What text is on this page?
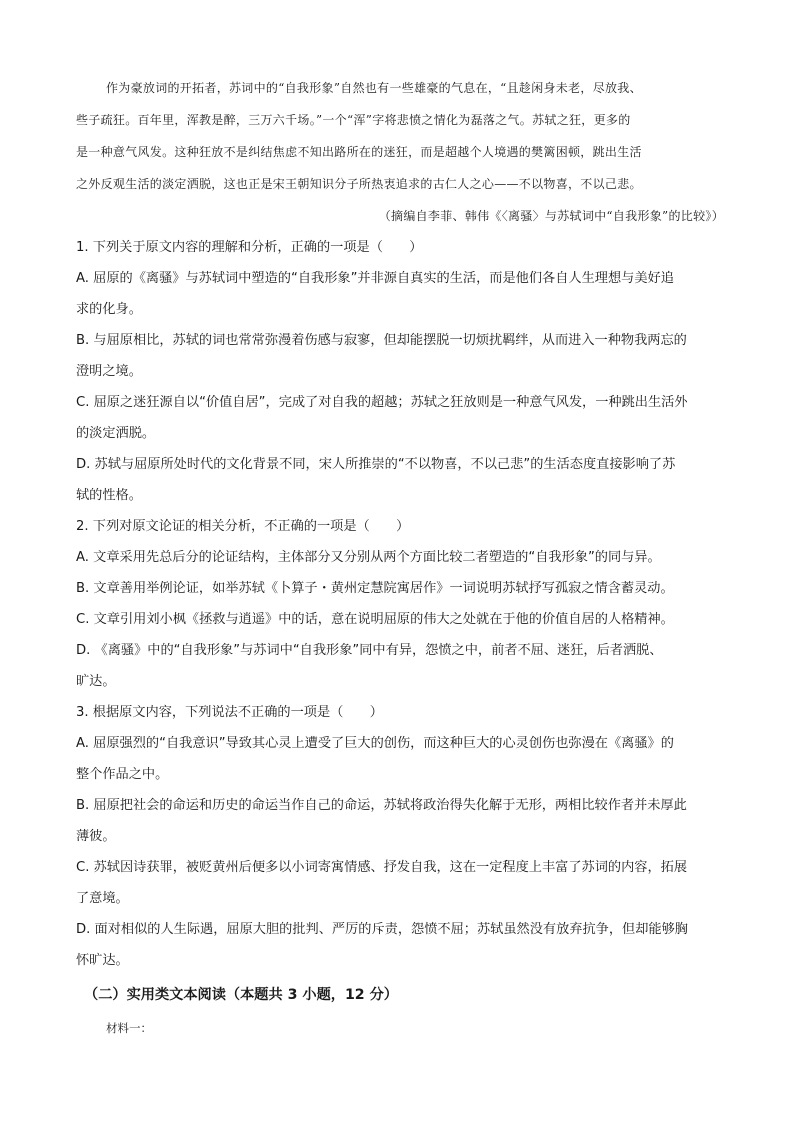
作为豪放词的开拓者，苏词中的“自我形象”自然也有一些雄豪的气息在，“且趁闲身未老，尽放我、

些子疏狂。百年里，浑教是醉，三万六千场。”一个“浑”字将悲愤之情化为磊落之气。苏轼之狂，更多的

是一种意气风发。这种狂放不是纠结焦虑不知出路所在的迷狂，而是超越个人境遇的樊篱困顿，跳出生活

之外反观生活的淡定洒脱，这也正是宋王朝知识分子所热衷追求的古仁人之心——不以物喜，不以己悲。

（摘编自李菲、韩伟《〈离骚〉与苏轼词中“自我形象”的比较》）

1. 下列关于原文内容的理解和分析，正确的一项是（　　）

A. 屈原的《离骚》与苏轼词中塑造的“自我形象”并非源自真实的生活，而是他们各自人生理想与美好追

求的化身。

B. 与屈原相比，苏轼的词也常常弥漫着伤感与寂寥，但却能摆脱一切烦扰羁绊，从而进入一种物我两忘的

澄明之境。

C. 屈原之迷狂源自以“价值自居”，完成了对自我的超越；苏轼之狂放则是一种意气风发，一种跳出生活外

的淡定洒脱。

D. 苏轼与屈原所处时代的文化背景不同，宋人所推崇的“不以物喜，不以己悲”的生活态度直接影响了苏

轼的性格。

2. 下列对原文论证的相关分析，不正确的一项是（　　）

A. 文章采用先总后分的论证结构，主体部分又分别从两个方面比较二者塑造的“自我形象”的同与异。

B. 文章善用举例论证，如举苏轼《卜算子・黄州定慧院寓居作》一词说明苏轼抒写孤寂之情含蓄灵动。

C. 文章引用刘小枫《拯救与逍遥》中的话，意在说明屈原的伟大之处就在于他的价值自居的人格精神。

D. 《离骚》中的“自我形象”与苏词中“自我形象”同中有异，怨愤之中，前者不屈、迷狂，后者洒脱、

旷达。

3. 根据原文内容，下列说法不正确的一项是（　　）

A. 屈原强烈的“自我意识”导致其心灵上遭受了巨大的创伤，而这种巨大的心灵创伤也弥漫在《离骚》的

整个作品之中。

B. 屈原把社会的命运和历史的命运当作自己的命运，苏轼将政治得失化解于无形，两相比较作者并未厚此

薄彼。

C. 苏轼因诗获罪，被贬黄州后便多以小词寄寓情感、抒发自我，这在一定程度上丰富了苏词的内容，拓展

了意境。

D. 面对相似的人生际遇，屈原大胆的批判、严厉的斥责，怨愤不屈；苏轼虽然没有放弃抗争，但却能够胸

怀旷达。

（二）实用类文本阅读（本题共 3 小题，12 分）
材料一：
